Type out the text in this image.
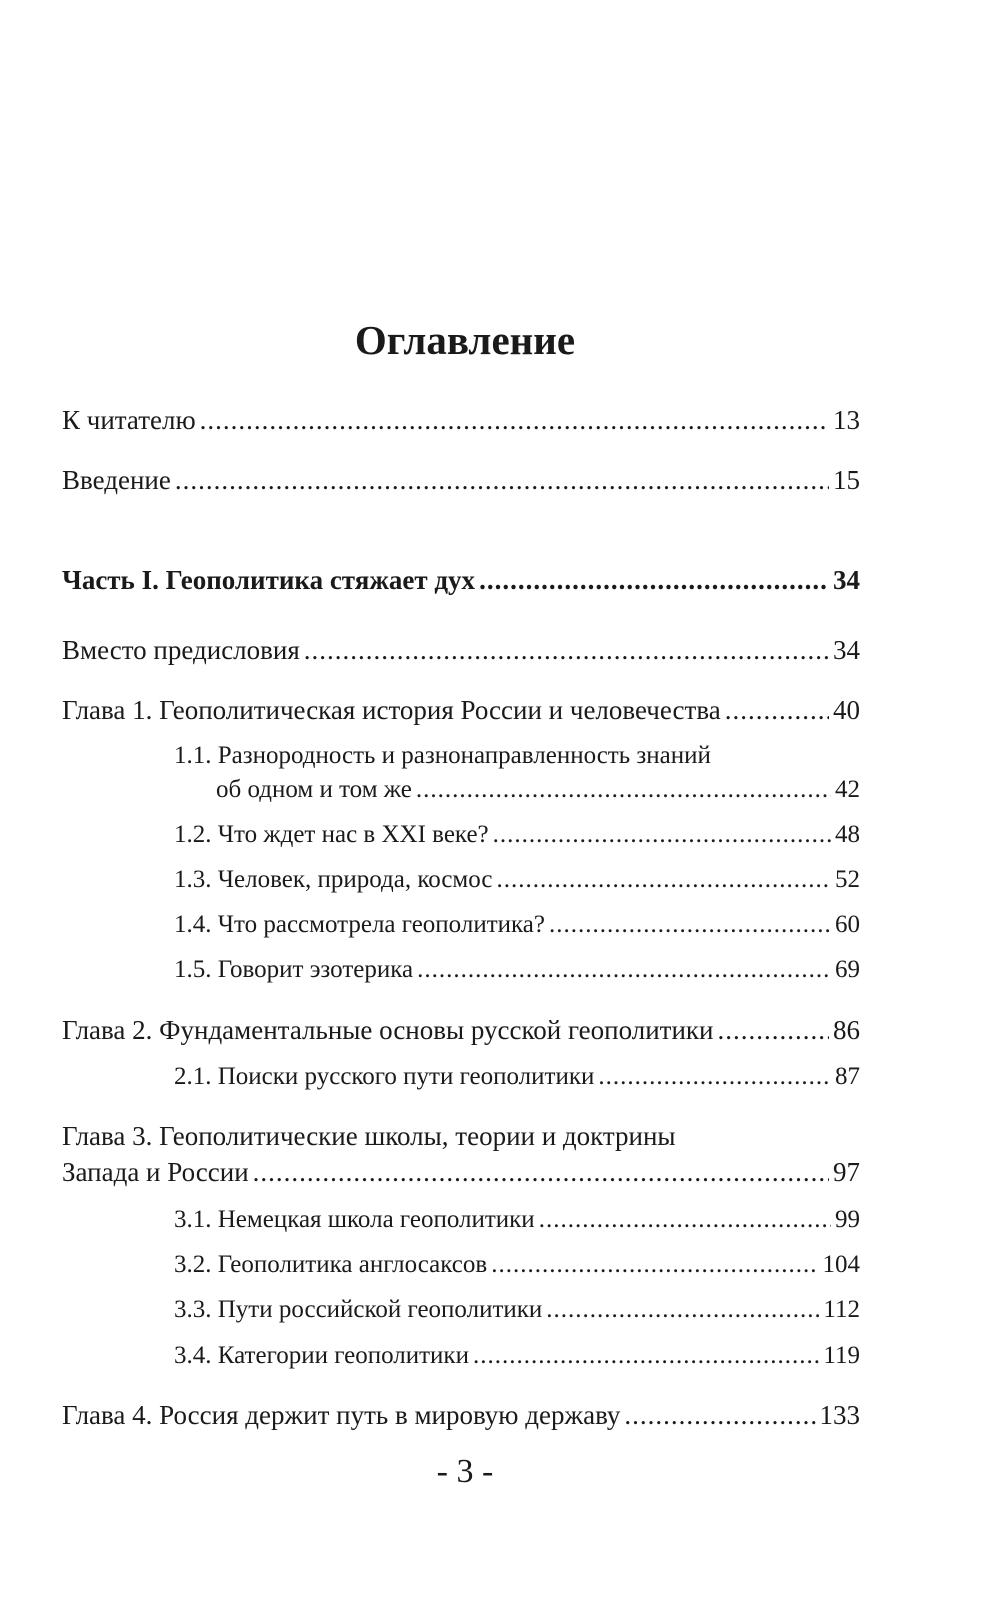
Оглавление
К читателю .....	13
Введение .....	15
Часть I. Геополитика стяжает дух .....	34
Вместо предисловия .....	34
Глава 1. Геополитическая история России и человечества .....	40
1.1. Разнородность и разнонаправленность знаний
об одном и том же .....	42
1.2. Что ждет нас в XXI веке? .....	48
1.3. Человек, природа, космос .....	52
1.4. Что рассмотрела геополитика? .....	60
1.5. Говорит эзотерика .....	69
Глава 2. Фундаментальные основы русской геополитики .....	86
2.1. Поиски русского пути геополитики .....	87
Глава 3. Геополитические школы, теории и доктрины
Запада и России .....	97
3.1. Немецкая школа геополитики .....	99
3.2. Геополитика англосаксов .....	104
3.3. Пути российской геополитики .....	112
3.4. Категории геополитики .....	119
Глава 4. Россия держит путь в мировую державу .....	133
- 3 -
